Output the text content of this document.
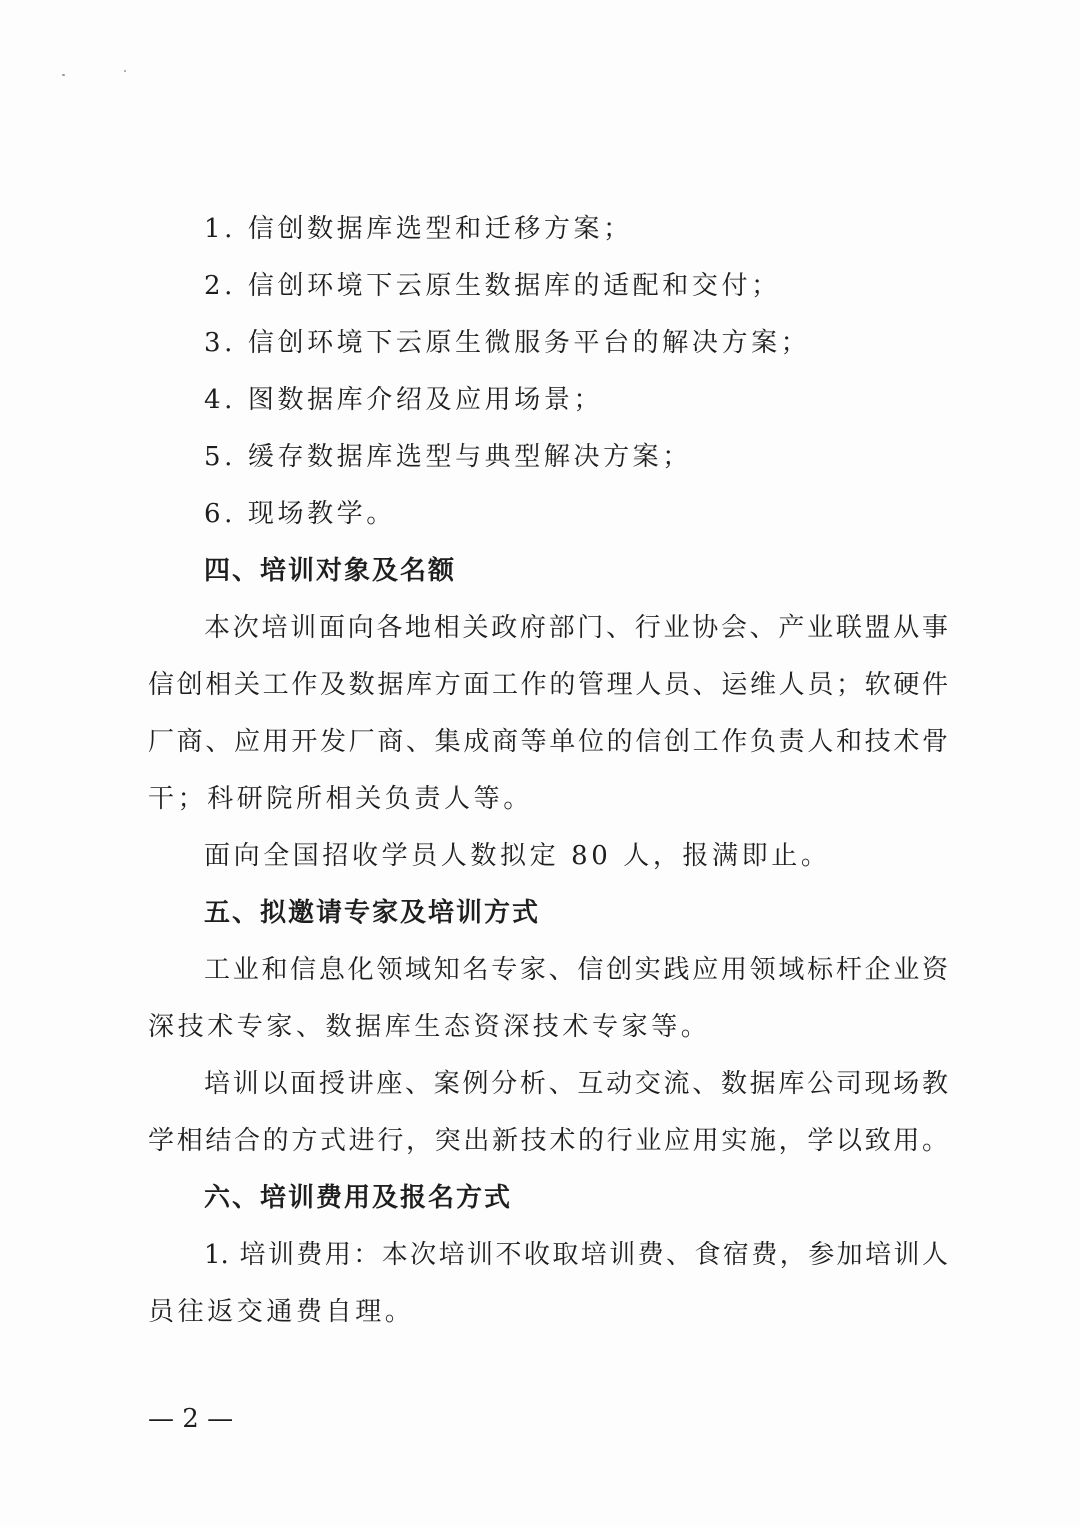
1. 信创数据库选型和迁移方案；
2. 信创环境下云原生数据库的适配和交付；
3. 信创环境下云原生微服务平台的解决方案；
4. 图数据库介绍及应用场景；
5. 缓存数据库选型与典型解决方案；
6. 现场教学。
四、培训对象及名额
本次培训面向各地相关政府部门、行业协会、产业联盟从事
信创相关工作及数据库方面工作的管理人员、运维人员；软硬件
厂商、应用开发厂商、集成商等单位的信创工作负责人和技术骨
干；科研院所相关负责人等。
面向全国招收学员人数拟定 80 人，报满即止。
五、拟邀请专家及培训方式
工业和信息化领域知名专家、信创实践应用领域标杆企业资
深技术专家、数据库生态资深技术专家等。
培训以面授讲座、案例分析、互动交流、数据库公司现场教
学相结合的方式进行，突出新技术的行业应用实施，学以致用。
六、培训费用及报名方式
1. 培训费用：本次培训不收取培训费、食宿费，参加培训人
员往返交通费自理。
— 2 —
